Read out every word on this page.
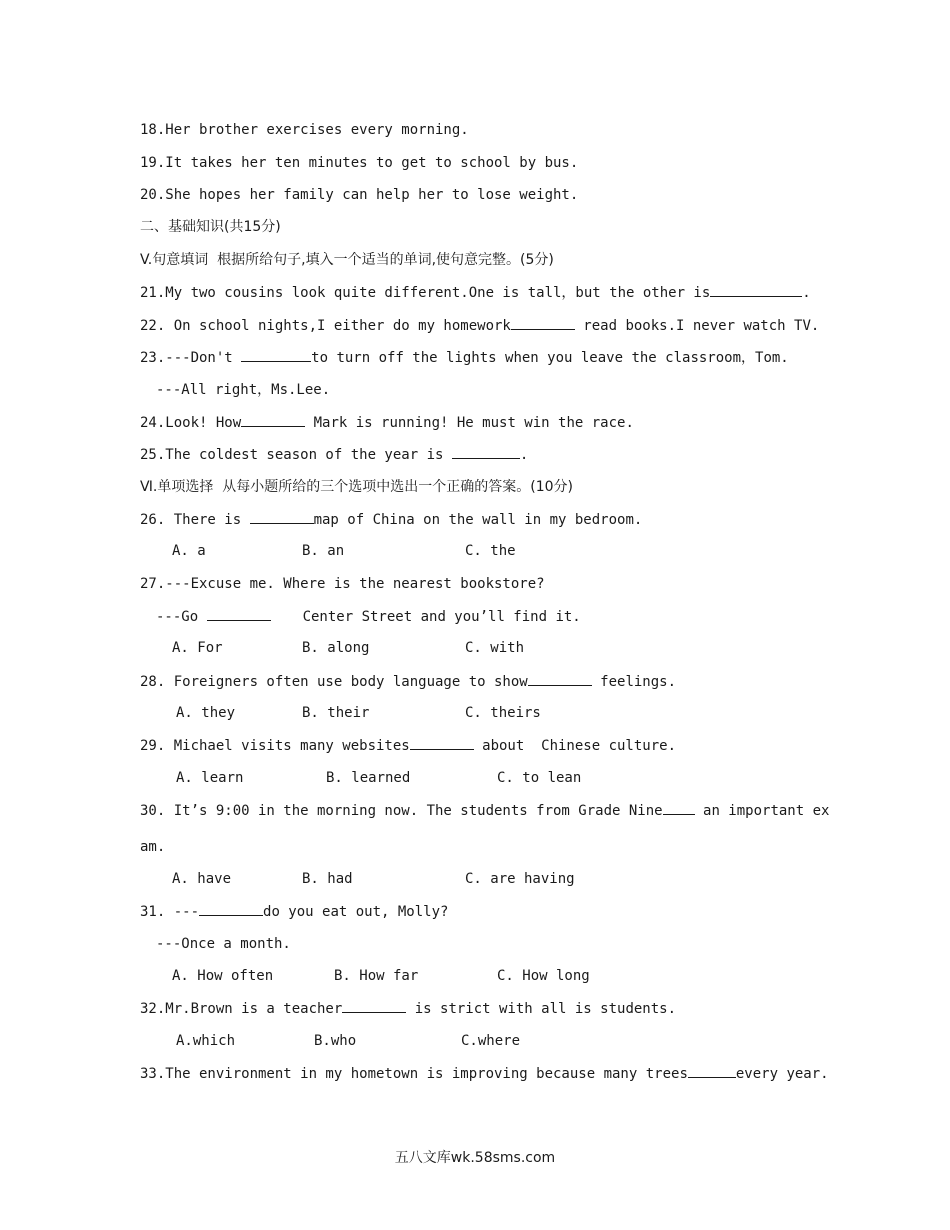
18.Her brother exercises every morning.
19.It takes her ten minutes to get to school by bus.
20.She hopes her family can help her to lose weight.
二、基础知识(共15分)
V.句意填词  根据所给句子,填入一个适当的单词,使句意完整。(5分)
21.My two cousins look quite different.One is tall，but the other is	.
22. On school nights,I either do my homework	read books.I never watch TV.
23.---Don't	to turn off the lights when you leave the classroom，Tom.
---All right，Ms.Lee.
24.Look! How	Mark is running! He must win the race.
25.The coldest season of the year is	.
Ⅵ.单项选择  从每小题所给的三个选项中选出一个正确的答案。(10分)
26. There is	map of China on the wall in my bedroom.
A. a	B. an	C. the
27.---Excuse me. Where is the nearest bookstore?
---Go	Center Street and you’ll find it.
A. For	B. along	C. with
28. Foreigners often use body language to show	feelings.
A. they	B. their	C. theirs
29. Michael visits many websites	about  Chinese culture.
A. learn	B. learned	C. to lean
30. It’s 9:00 in the morning now. The students from Grade Nine an important ex
am.
A. have	B. had	C. are having
31. ---	do you eat out, Molly?
---Once a month.
A. How often	B. How far	C. How long
32.Mr.Brown is a teacher	is strict with all is students.
A.which	B.who	C.where
33.The environment in my hometown is improving because many trees	every year.
五八文库wk.58sms.com
